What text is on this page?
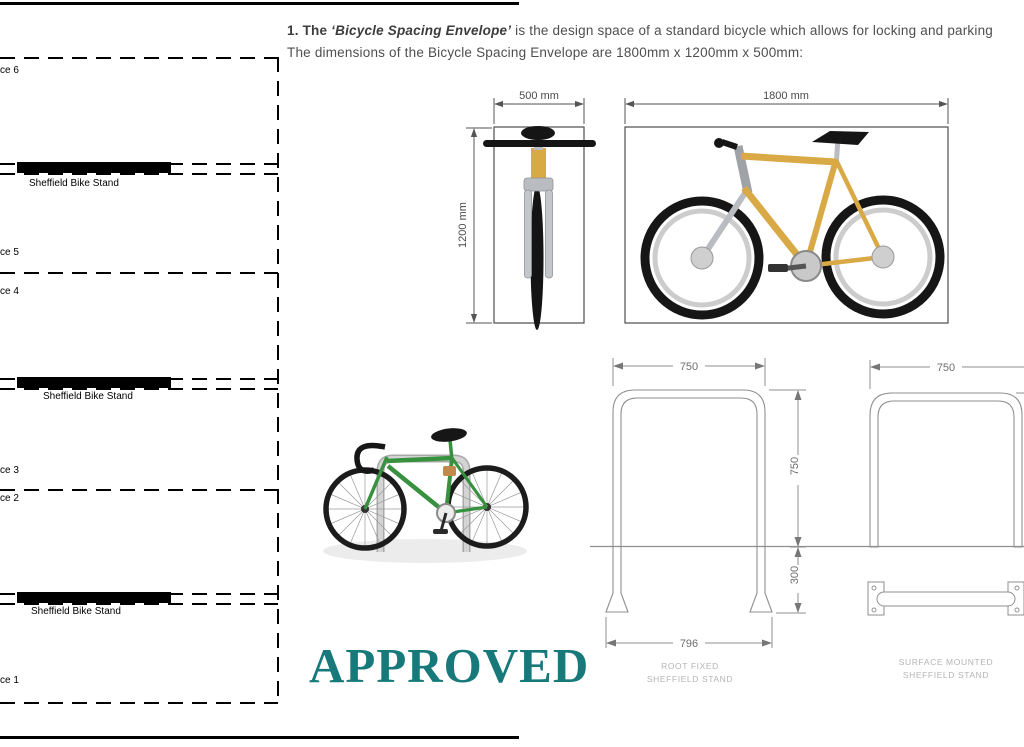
Sheffield Bike Stand
Sheffield Bike Stand
Sheffield Bike Stand
ce 6
ce 5
ce 4
ce 3
ce 2
ce 1
1. The ‘Bicycle Spacing Envelope’ is the design space of a standard bicycle which allows for locking and parking
The dimensions of the Bicycle Spacing Envelope are 1800mm x 1200mm x 500mm:
500 mm
1200 mm
1800 mm
750
750
300
796
ROOT FIXED
SHEFFIELD STAND
750
SURFACE MOUNTED
SHEFFIELD STAND
APPROVED
